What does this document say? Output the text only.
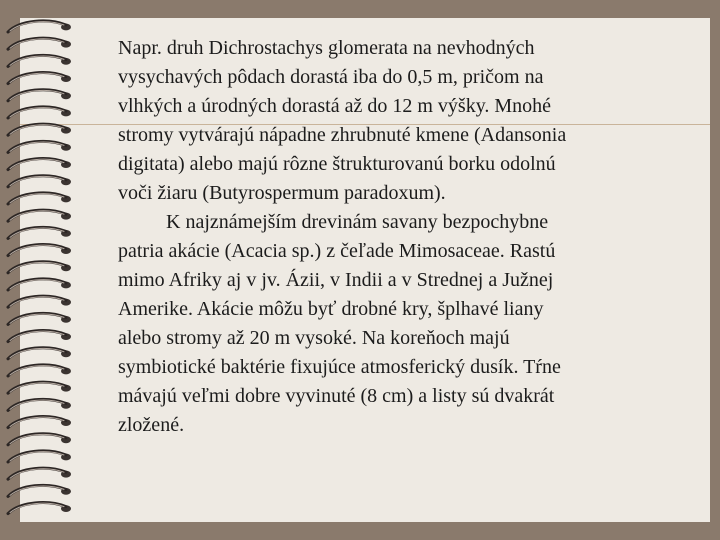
Napr. druh Dichrostachys glomerata na nevhodných
vysychavých pôdach dorastá iba do 0,5 m, pričom na
vlhkých a úrodných dorastá až do 12 m výšky. Mnohé
stromy vytvárajú nápadne zhrubnuté kmene (Adansonia
digitata) alebo majú rôzne štrukturovanú borku odolnú
voči žiaru (Butyrospermum paradoxum).

K najznámejším drevinám savany bezpochybne
patria akácie (Acacia sp.) z čeľade Mimosaceae. Rastú
mimo Afriky aj v jv. Ázii, v Indii a v Strednej a Južnej
Amerike. Akácie môžu byť drobné kry, šplhavé liany
alebo stromy až 20 m vysoké. Na koreňoch majú
symbiotické baktérie fixujúce atmosferický dusík. Tŕne
mávajú veľmi dobre vyvinuté (8 cm) a listy sú dvakrát
zložené.
